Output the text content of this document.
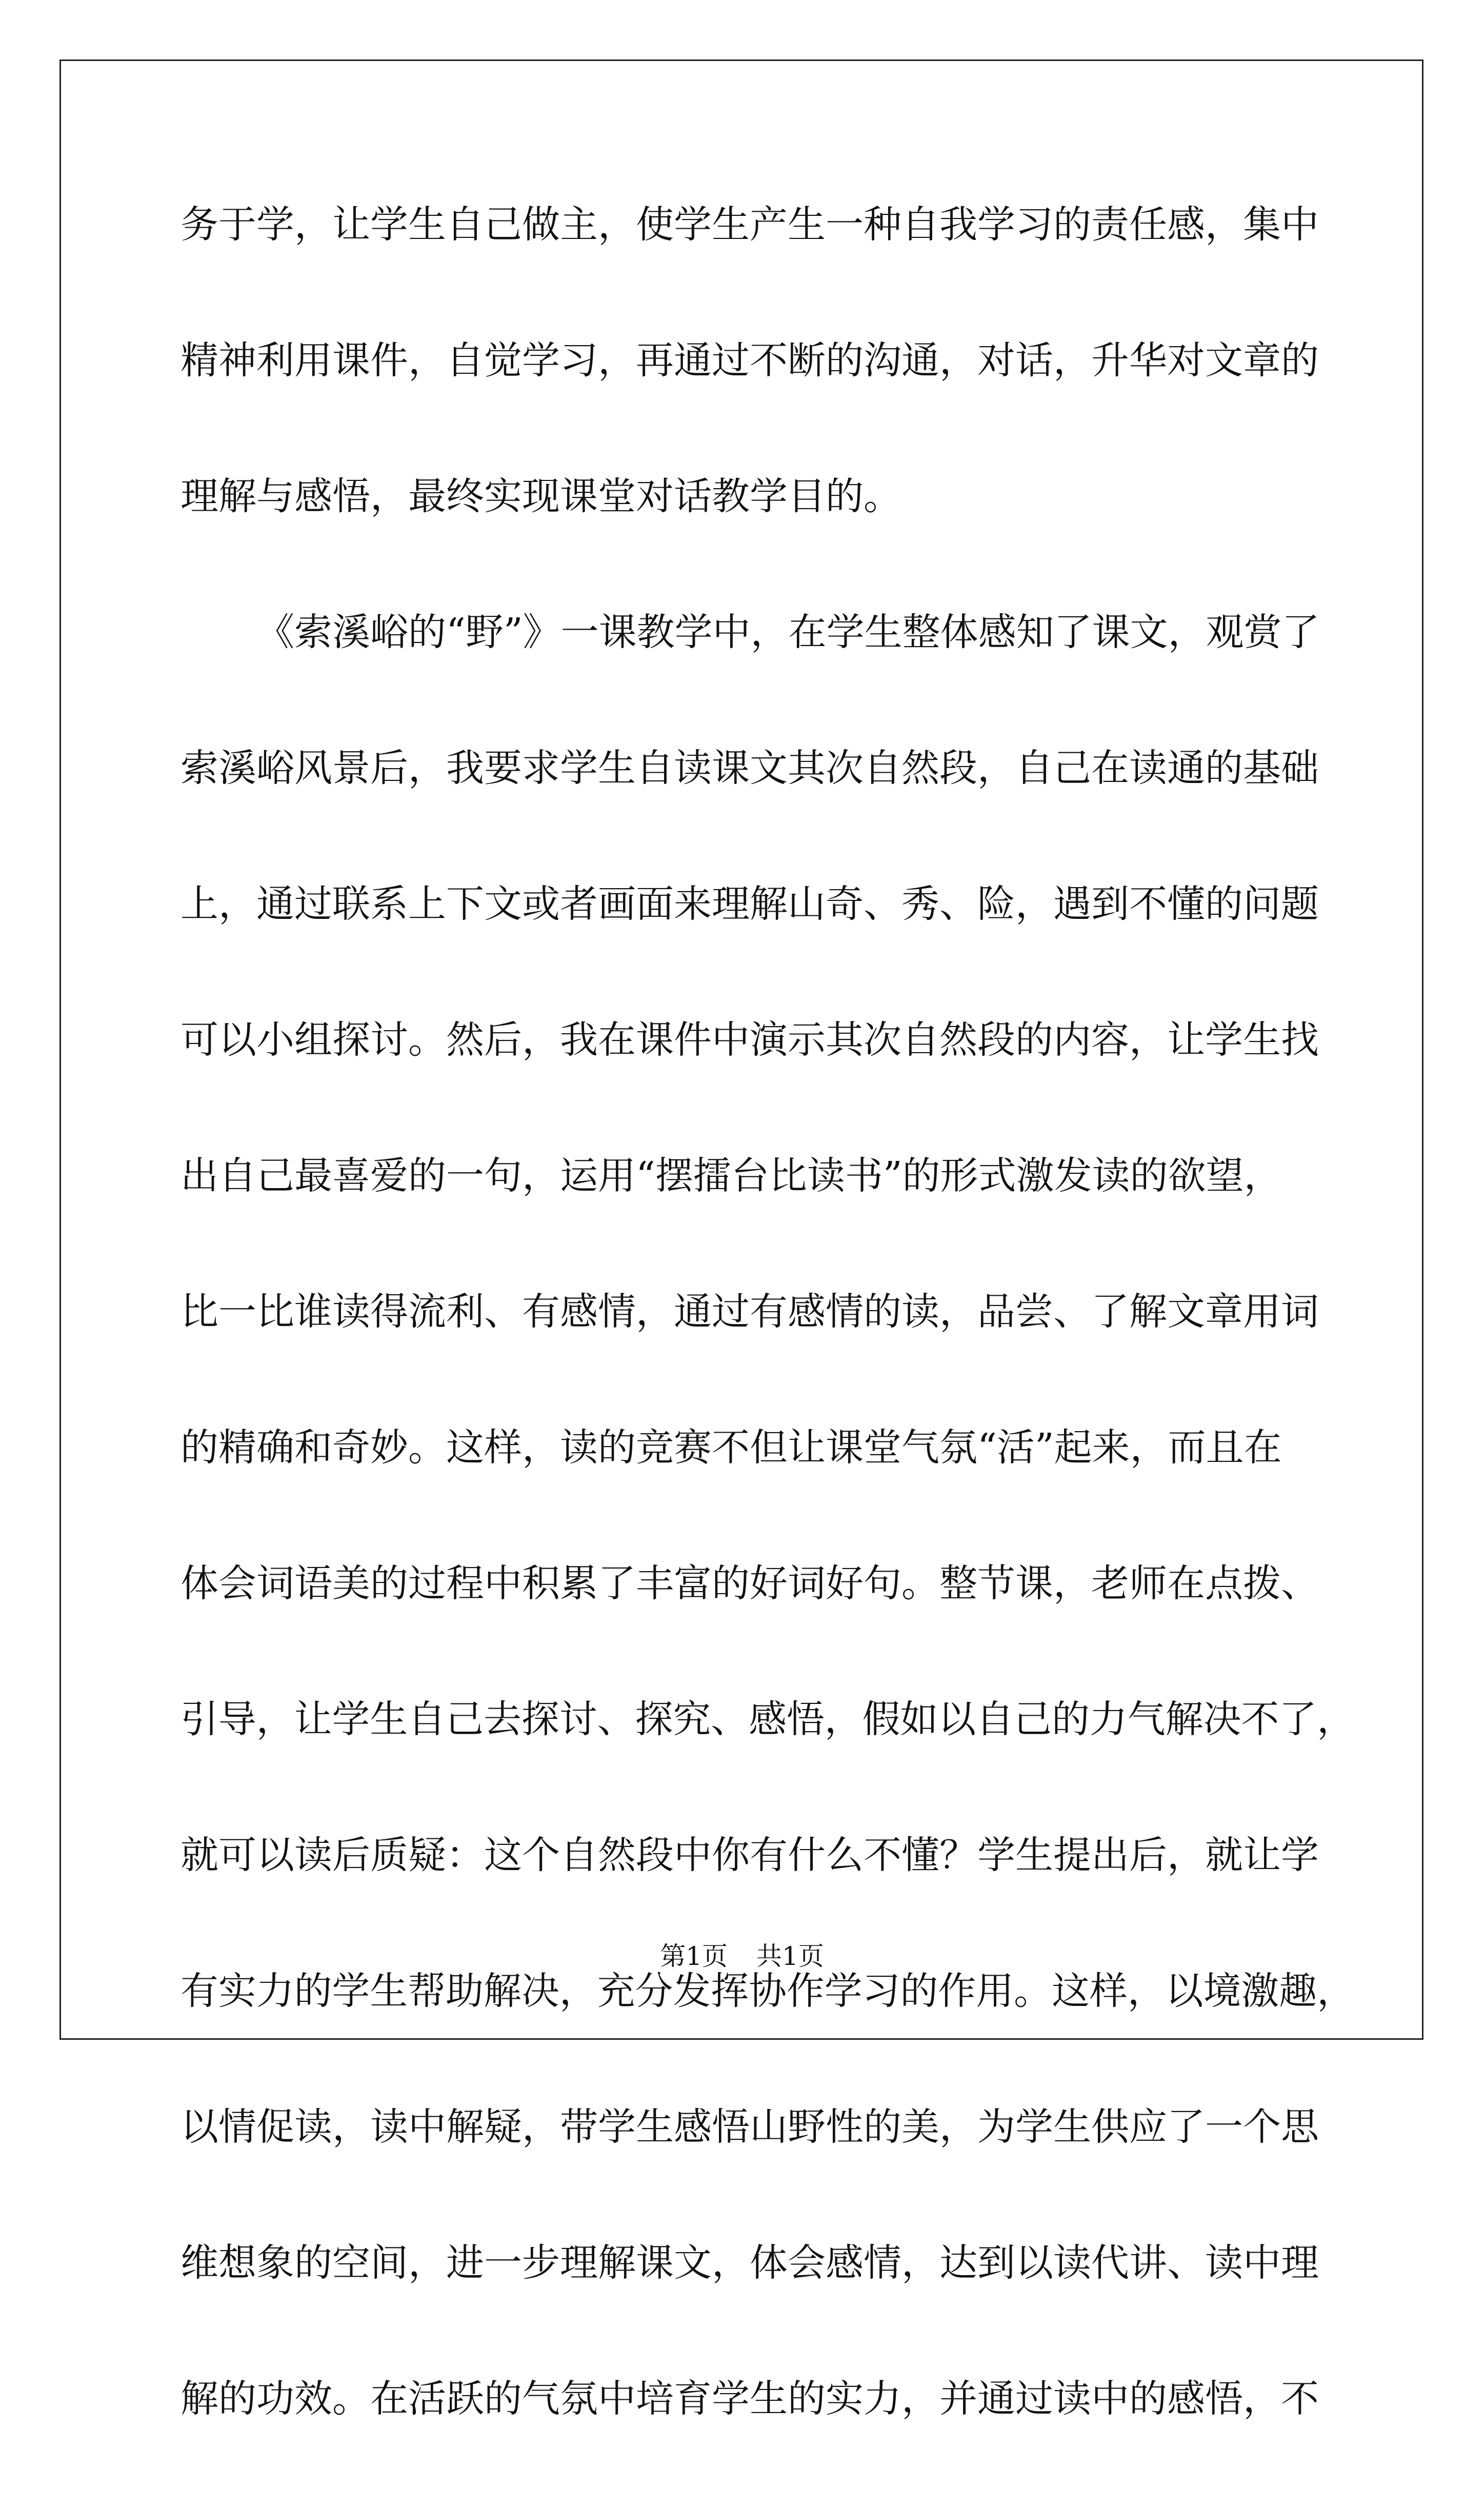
务于学，让学生自己做主，使学生产生一种自我学习的责任感，集中
精神利用课件，自觉学习，再通过不断的沟通，对话，升华对文章的
理解与感悟，最终实现课堂对话教学目的。
《索溪峪的“野”》一课教学中，在学生整体感知了课文，观赏了
索溪峪风景后，我要求学生自读课文其次自然段，自己在读通的基础
上，通过联系上下文或者画面来理解山奇、秀、险，遇到不懂的问题
可以小组探讨。然后，我在课件中演示其次自然段的内容，让学生找
出自己最喜爱的一句，运用“摆擂台比读书”的形式激发读的欲望，
比一比谁读得流利、有感情，通过有感情的读，品尝、了解文章用词
的精确和奇妙。这样，读的竞赛不但让课堂气氛“活”起来，而且在
体会词语美的过程中积累了丰富的好词好句。整节课，老师在点拨、
引导，让学生自己去探讨、探究、感悟，假如以自己的力气解决不了，
就可以读后质疑：这个自然段中你有什么不懂？学生提出后，就让学
有实力的学生帮助解决，充分发挥协作学习的作用。这样，以境激趣，
以情促读，读中解疑，带学生感悟山野性的美，为学生供应了一个思
维想象的空间，进一步理解课文，体会感情，达到以读代讲、读中理
解的功效。在活跃的气氛中培育学生的实力，并通过读中的感悟，不
第1页 共1页
